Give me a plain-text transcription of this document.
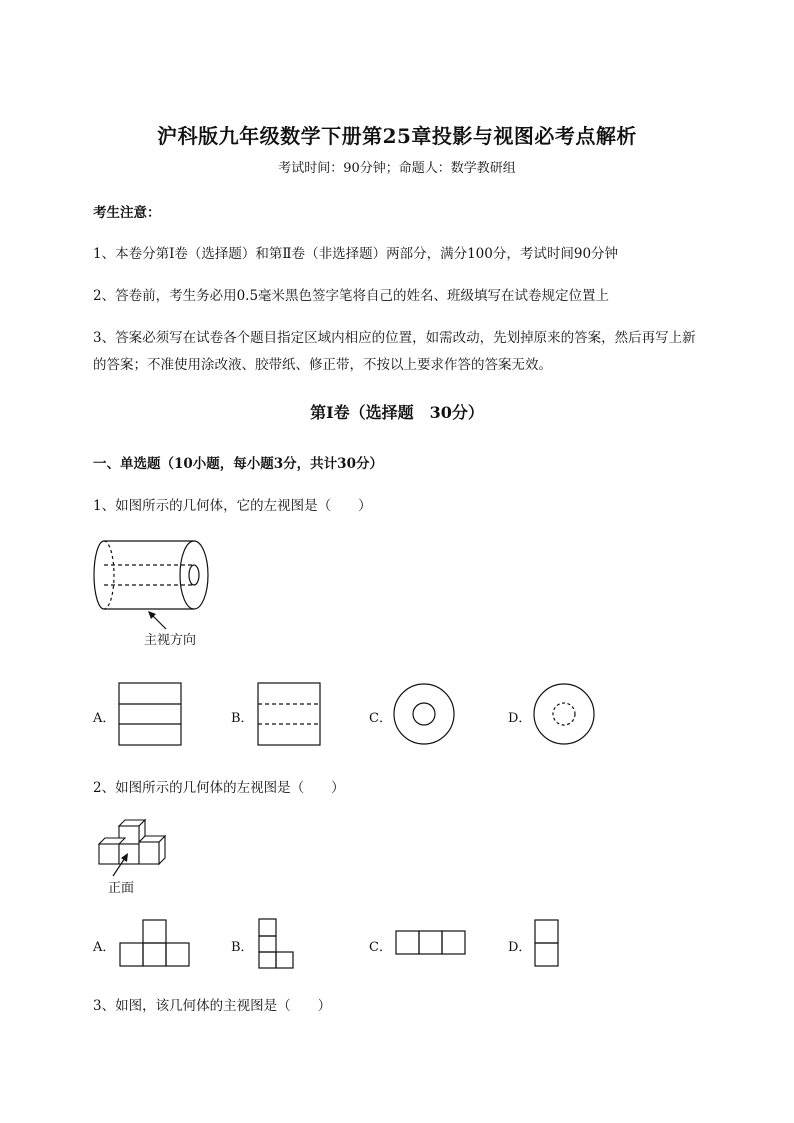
沪科版九年级数学下册第25章投影与视图必考点解析
考试时间：90分钟；命题人：数学教研组
考生注意：
1、本卷分第I卷（选择题）和第Ⅱ卷（非选择题）两部分，满分100分，考试时间90分钟
2、答卷前，考生务必用0.5毫米黑色签字笔将自己的姓名、班级填写在试卷规定位置上
3、答案必须写在试卷各个题目指定区域内相应的位置，如需改动，先划掉原来的答案，然后再写上新
的答案；不准使用涂改液、胶带纸、修正带，不按以上要求作答的答案无效。
第I卷（选择题　30分）
一、单选题（10小题，每小题3分，共计30分）
1、如图所示的几何体，它的左视图是（　　）
主视方向
A．	B．	C．	D．
2、如图所示的几何体的左视图是（　　）
正面
A．	B．	C．	D．
3、如图，该几何体的主视图是（　　）
